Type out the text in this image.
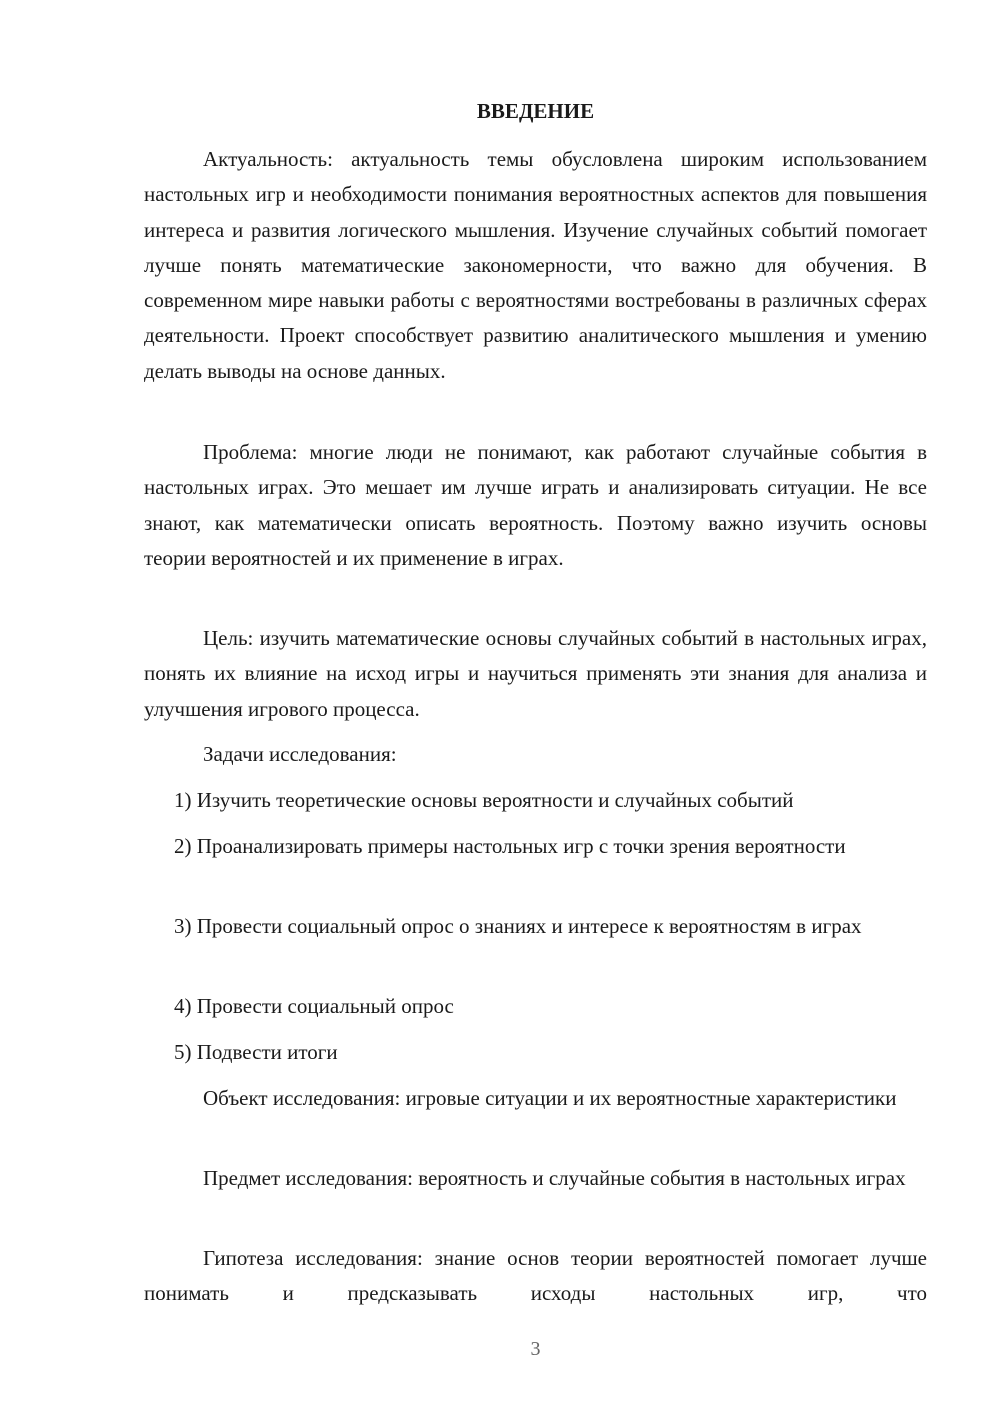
ВВЕДЕНИЕ

Актуальность: актуальность темы обусловлена широким использованием настольных игр и необходимости понимания вероятностных аспектов для повышения интереса и развития логического мышления. Изучение случайных событий помогает лучше понять математические закономерности, что важно для обучения. В современном мире навыки работы с вероятностями востребованы в различных сферах деятельности. Проект способствует развитию аналитического мышления и умению делать выводы на основе данных.

Проблема: многие люди не понимают, как работают случайные события в настольных играх. Это мешает им лучше играть и анализировать ситуации. Не все знают, как математически описать вероятность. Поэтому важно изучить основы теории вероятностей и их применение в играх.

Цель: изучить математические основы случайных событий в настольных играх, понять их влияние на исход игры и научиться применять эти знания для анализа и улучшения игрового процесса.

Задачи исследования:

1) Изучить теоретические основы вероятности и случайных событий

2) Проанализировать примеры настольных игр с точки зрения вероятности

3) Провести социальный опрос о знаниях и интересе к вероятностям в играх

4) Провести социальный опрос

5) Подвести итоги

Объект исследования: игровые ситуации и их вероятностные характеристики

Предмет исследования: вероятность и случайные события в настольных играх

Гипотеза исследования: знание основ теории вероятностей помогает лучше понимать и предсказывать исходы настольных игр, что

3
